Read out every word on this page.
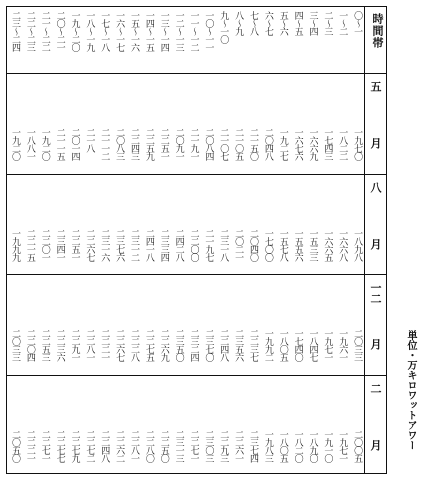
時間帯
〇〜一
一〜二
二〜三
三〜四
四〜五
五〜六
六〜七
七〜八
八〜九
九〜一〇
一〇〜一一
一一〜一二
一二〜一三
一三〜一四
一四〜一五
一五〜一六
一六〜一七
一七〜一八
一八〜一九
一九〜二〇
二〇〜二一
二一〜二二
二二〜二三
二三〜二四
五
月
一九七〇
一八二二
一七四三
一六六九
一六七六
一九二七
二〇四八
二一五〇
二一〇五
二一〇七
二〇八四
二一九一
二〇九一
二二五一
二二五九
二二四三
二〇八三
二一一二
二一八
二〇一四
二一一五
一九二〇
一八八一
一九二〇
八
月
一八九八
一六六八
一六六五
一五三三
一五五六
一五七八
一七〇〇
二〇四〇
二〇二一
二三一八
二一九七
二二〇〇
二四二八
二三三四
二四一八
二三一二
二三七六
二三一六
二二六七
二二五一
二三四一
二二〇一
二二一五
一九九九
一二
月
二〇三三
一九六一
一九七一
一八四七
一七四〇
一八〇五
一九九二
二二三七
二三五六
二二四八
二三七〇
二三二四
二三五〇
二二六九
二二七五
二二二八
二二六七
二二二一
二二八一
二二九一
二二三六
二二五三
二二〇四
二〇三三
二
月
二〇〇五
一九七一
一九一〇
一八九〇
一八二〇
一八〇五
一九八三
二三七四
二二六一
二二九三
二三〇三
二二七一
二三一三
二二五〇
二二八〇
二二八一
二二六二
二二四八
二二七二
二二七九
二二七七
二二七一
二二二一
二〇五〇	単位・万キロワットアワー
